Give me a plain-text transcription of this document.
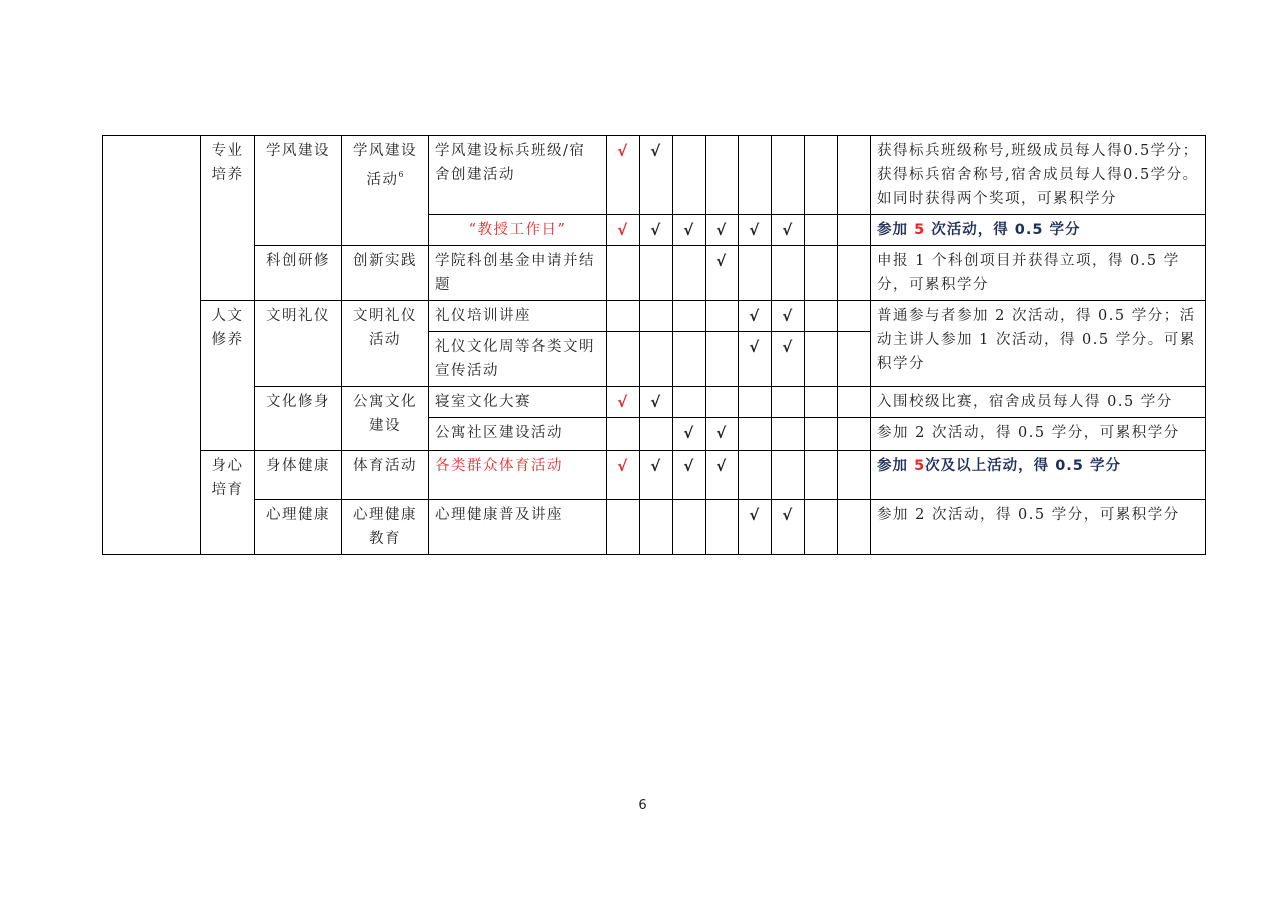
	专业培养	学风建设	学风建设活动$^6$	学风建设标兵班级/宿舍创建活动	√	√							获得标兵班级称号,班级成员每人得0.5学分；获得标兵宿舍称号,宿舍成员每人得0.5学分。如同时获得两个奖项，可累积学分
				“教授工作日”	√	√	√	√	√	√			参加 5 次活动，得 0.5 学分
		科创研修	创新实践	学院科创基金申请并结题				√					申报 1 个科创项目并获得立项，得 0.5 学分，可累积学分
	人文修养	文明礼仪	文明礼仪活动	礼仪培训讲座					√	√			普通参与者参加 2 次活动，得 0.5 学分；活动主讲人参加 1 次活动，得 0.5 学分。可累积学分
				礼仪文化周等各类文明宣传活动					√	√			
		文化修身	公寓文化建设	寝室文化大赛	√	√							入围校级比赛，宿舍成员每人得 0.5 学分
				公寓社区建设活动			√	√					参加 2 次活动，得 0.5 学分，可累积学分
	身心培育	身体健康	体育活动	各类群众体育活动	√	√	√	√					参加 5次及以上活动，得 0.5 学分
		心理健康	心理健康教育	心理健康普及讲座					√	√			参加 2 次活动，得 0.5 学分，可累积学分
6
